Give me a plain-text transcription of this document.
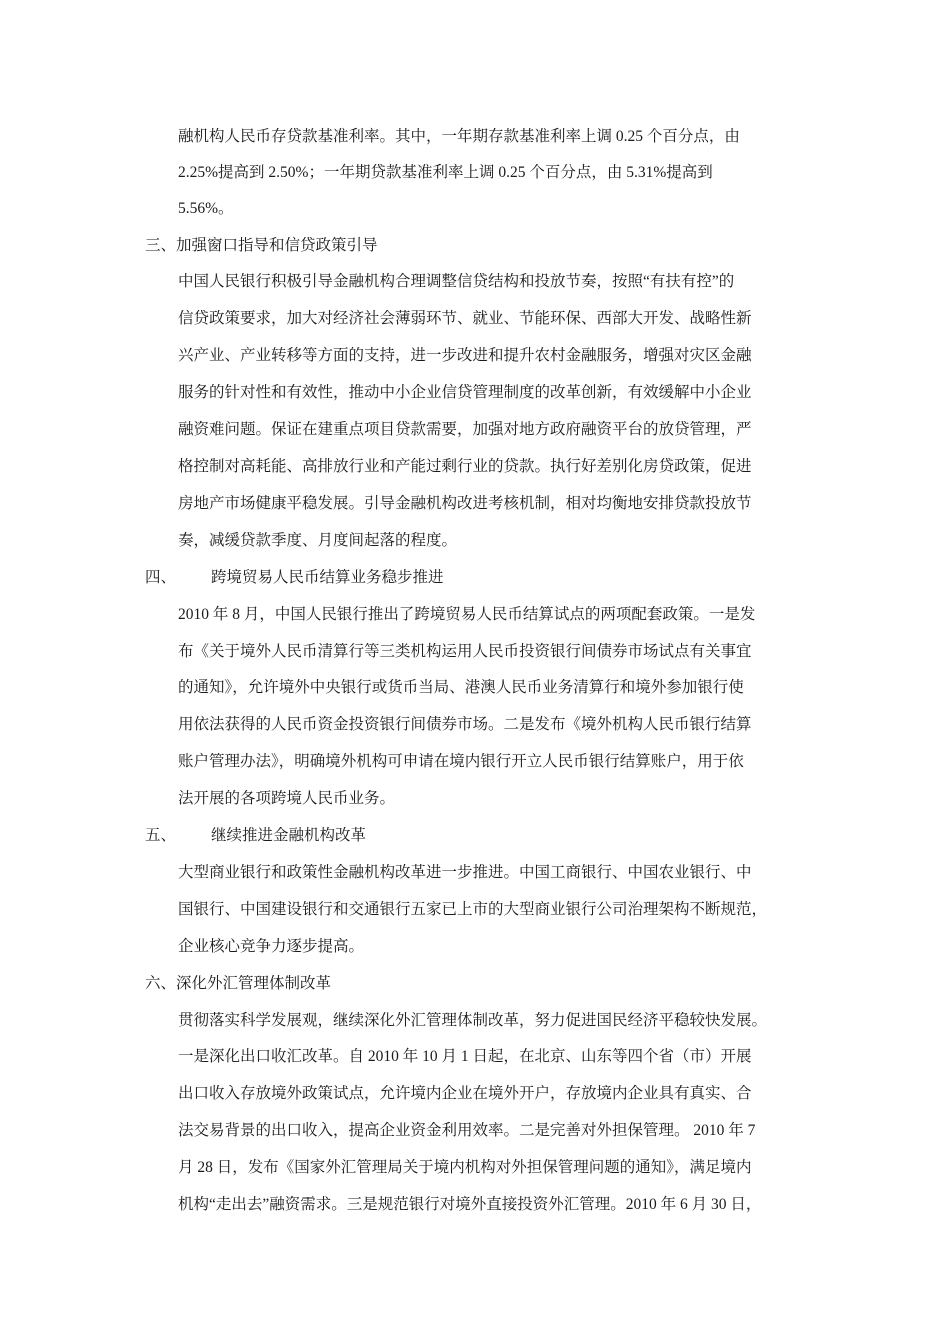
融机构人民币存贷款基准利率。其中，一年期存款基准利率上调 0.25 个百分点，由
2.25%提高到 2.50%；一年期贷款基准利率上调 0.25 个百分点，由 5.31%提高到
5.56%。
三、加强窗口指导和信贷政策引导
中国人民银行积极引导金融机构合理调整信贷结构和投放节奏，按照“有扶有控”的
信贷政策要求，加大对经济社会薄弱环节、就业、节能环保、西部大开发、战略性新
兴产业、产业转移等方面的支持，进一步改进和提升农村金融服务，增强对灾区金融
服务的针对性和有效性，推动中小企业信贷管理制度的改革创新，有效缓解中小企业
融资难问题。保证在建重点项目贷款需要，加强对地方政府融资平台的放贷管理，严
格控制对高耗能、高排放行业和产能过剩行业的贷款。执行好差别化房贷政策，促进
房地产市场健康平稳发展。引导金融机构改进考核机制，相对均衡地安排贷款投放节
奏，减缓贷款季度、月度间起落的程度。
四、 跨境贸易人民币结算业务稳步推进
2010 年 8 月，中国人民银行推出了跨境贸易人民币结算试点的两项配套政策。一是发
布《关于境外人民币清算行等三类机构运用人民币投资银行间债券市场试点有关事宜
的通知》，允许境外中央银行或货币当局、港澳人民币业务清算行和境外参加银行使
用依法获得的人民币资金投资银行间债券市场。二是发布《境外机构人民币银行结算
账户管理办法》，明确境外机构可申请在境内银行开立人民币银行结算账户，用于依
法开展的各项跨境人民币业务。
五、 继续推进金融机构改革
大型商业银行和政策性金融机构改革进一步推进。中国工商银行、中国农业银行、中
国银行、中国建设银行和交通银行五家已上市的大型商业银行公司治理架构不断规范，
企业核心竞争力逐步提高。
六、深化外汇管理体制改革
贯彻落实科学发展观，继续深化外汇管理体制改革，努力促进国民经济平稳较快发展。
一是深化出口收汇改革。自 2010 年 10 月 1 日起，在北京、山东等四个省（市）开展
出口收入存放境外政策试点，允许境内企业在境外开户，存放境内企业具有真实、合
法交易背景的出口收入，提高企业资金利用效率。二是完善对外担保管理。 2010 年 7
月 28 日，发布《国家外汇管理局关于境内机构对外担保管理问题的通知》，满足境内
机构“走出去”融资需求。三是规范银行对境外直接投资外汇管理。2010 年 6 月 30 日，
